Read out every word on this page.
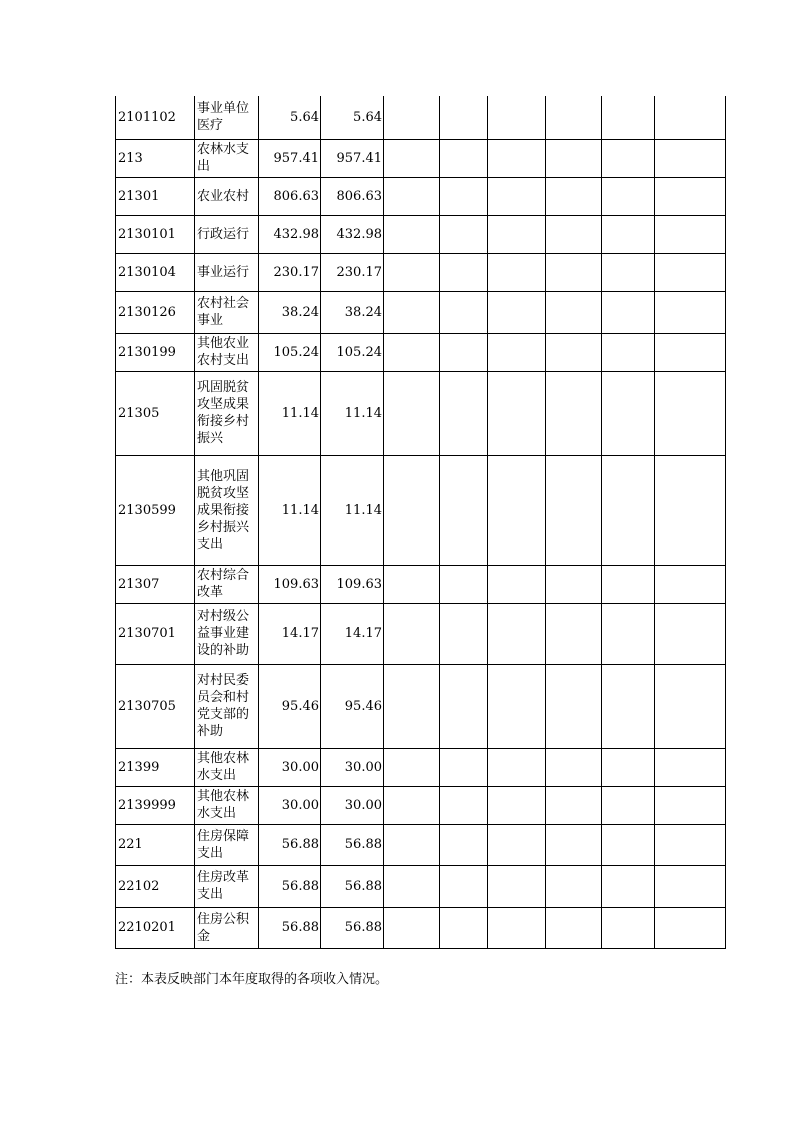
2101102	事业单位医疗	5.64	5.64						
213	农林水支出	957.41	957.41						
21301	农业农村	806.63	806.63						
2130101	行政运行	432.98	432.98						
2130104	事业运行	230.17	230.17						
2130126	农村社会事业	38.24	38.24						
2130199	其他农业农村支出	105.24	105.24						
21305	巩固脱贫攻坚成果衔接乡村振兴	11.14	11.14						
2130599	其他巩固脱贫攻坚成果衔接乡村振兴支出	11.14	11.14						
21307	农村综合改革	109.63	109.63						
2130701	对村级公益事业建设的补助	14.17	14.17						
2130705	对村民委员会和村党支部的补助	95.46	95.46						
21399	其他农林水支出	30.00	30.00						
2139999	其他农林水支出	30.00	30.00						
221	住房保障支出	56.88	56.88						
22102	住房改革支出	56.88	56.88						
2210201	住房公积金	56.88	56.88						
注：本表反映部门本年度取得的各项收入情况。
